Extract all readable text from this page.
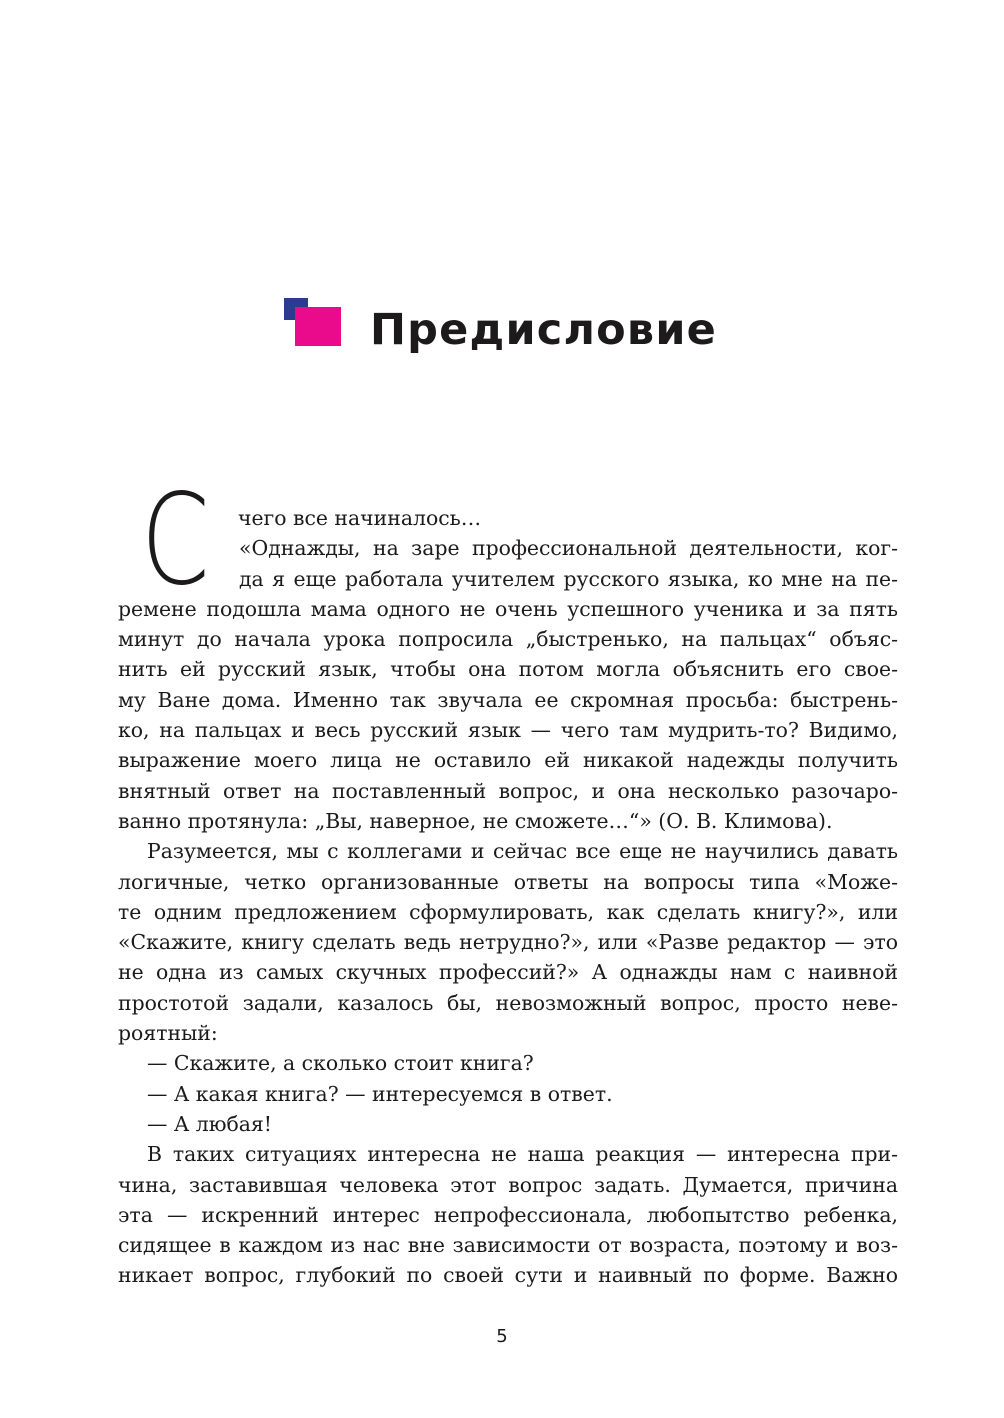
Предисловие
С	чего все начиналось…
«Однажды, на заре профессиональной деятельности, ког-
да я еще работала учителем русского языка, ко мне на пе-
ремене подошла мама одного не очень успешного ученика и за пять
минут до начала урока попросила „быстренько, на пальцах“ объяс-
нить ей русский язык, чтобы она потом могла объяснить его свое-
му Ване дома. Именно так звучала ее скромная просьба: быстрень-
ко, на пальцах и весь русский язык — чего там мудрить-то? Видимо,
выражение моего лица не оставило ей никакой надежды получить
внятный ответ на поставленный вопрос, и она несколько разочаро-
ванно протянула: „Вы, наверное, не сможете…“» (О. В. Климова).
Разумеется, мы с коллегами и сейчас все еще не научились давать
логичные, четко организованные ответы на вопросы типа «Може-
те одним предложением сформулировать, как сделать книгу?», или
«Скажите, книгу сделать ведь нетрудно?», или «Разве редактор — это
не одна из самых скучных профессий?» А однажды нам с наивной
простотой задали, казалось бы, невозможный вопрос, просто неве-
роятный:
— Скажите, а сколько стоит книга?
— А какая книга? — интересуемся в ответ.
— А любая!
В таких ситуациях интересна не наша реакция — интересна при-
чина, заставившая человека этот вопрос задать. Думается, причина
эта — искренний интерес непрофессионала, любопытство ребенка,
сидящее в каждом из нас вне зависимости от возраста, поэтому и воз-
никает вопрос, глубокий по своей сути и наивный по форме. Важно
5
